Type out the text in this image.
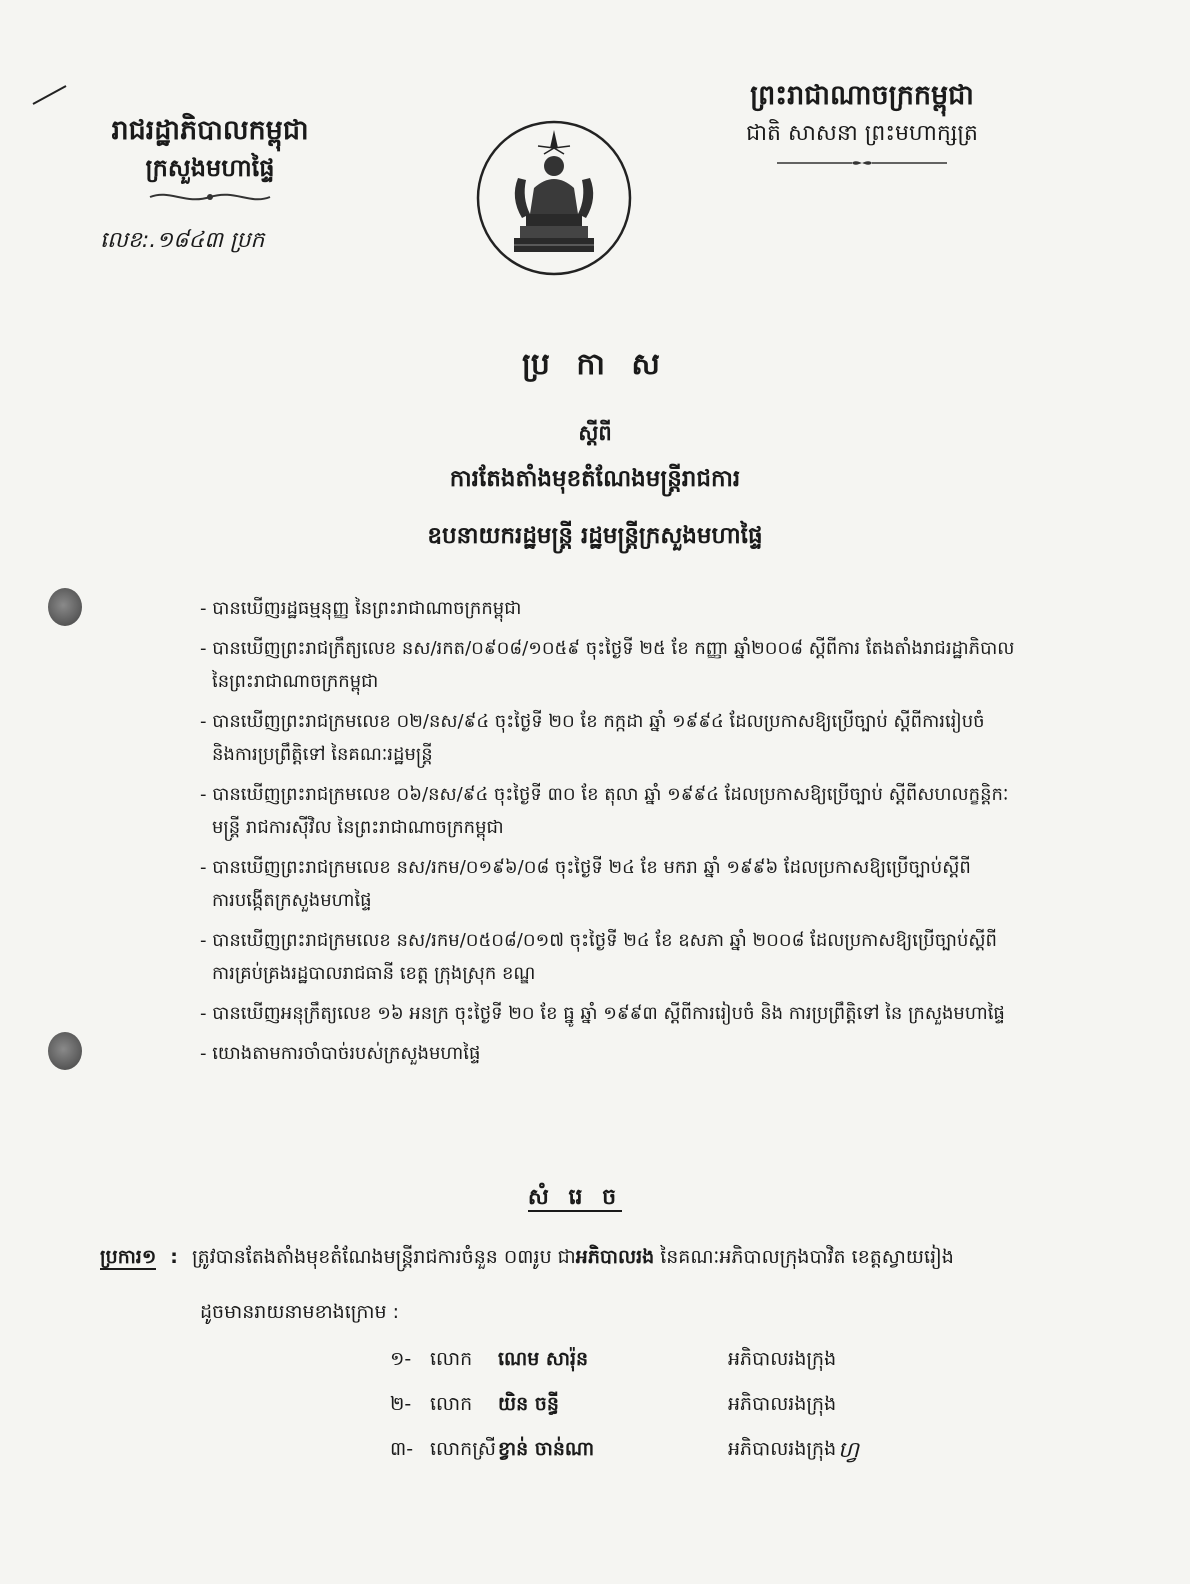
រាជរដ្ឋាភិបាលកម្ពុជា
ក្រសួងមហាផ្ទៃ
លេខ:.១៨៤៣ ប្រក
ព្រះរាជាណាចក្រកម្ពុជា
ជាតិ សាសនា ព្រះមហាក្សត្រ
ប្រ កា ស
ស្តីពី
ការតែងតាំងមុខតំណែងមន្ត្រីរាជការ
ឧបនាយករដ្ឋមន្ត្រី រដ្ឋមន្ត្រីក្រសួងមហាផ្ទៃ
- បានឃើញរដ្ឋធម្មនុញ្ញ នៃព្រះរាជាណាចក្រកម្ពុជា
- បានឃើញព្រះរាជក្រឹត្យលេខ នស/រកត/០៩០៨/១០៥៩ ចុះថ្ងៃទី ២៥ ខែ កញ្ញា ឆ្នាំ២០០៨ ស្តីពីការ តែងតាំងរាជរដ្ឋាភិបាល
នៃព្រះរាជាណាចក្រកម្ពុជា
- បានឃើញព្រះរាជក្រមលេខ ០២/នស/៩៤ ចុះថ្ងៃទី ២០ ខែ កក្កដា ឆ្នាំ ១៩៩៤ ដែលប្រកាសឱ្យប្រើច្បាប់ ស្តីពីការរៀបចំ
និងការប្រព្រឹត្តិទៅ នៃគណៈរដ្ឋមន្ត្រី
- បានឃើញព្រះរាជក្រមលេខ ០៦/នស/៩៤ ចុះថ្ងៃទី ៣០ ខែ តុលា ឆ្នាំ ១៩៩៤ ដែលប្រកាសឱ្យប្រើច្បាប់ ស្តីពីសហលក្ខន្តិកៈ
មន្ត្រី រាជការស៊ីវិល នៃព្រះរាជាណាចក្រកម្ពុជា
- បានឃើញព្រះរាជក្រមលេខ នស/រកម/០១៩៦/០៨ ចុះថ្ងៃទី ២៤ ខែ មករា ឆ្នាំ ១៩៩៦ ដែលប្រកាសឱ្យប្រើច្បាប់ស្តីពី
ការបង្កើតក្រសួងមហាផ្ទៃ
- បានឃើញព្រះរាជក្រមលេខ នស/រកម/០៥០៨/០១៧ ចុះថ្ងៃទី ២៤ ខែ ឧសភា ឆ្នាំ ២០០៨ ដែលប្រកាសឱ្យប្រើច្បាប់ស្តីពី
ការគ្រប់គ្រងរដ្ឋបាលរាជធានី ខេត្ត ក្រុងស្រុក ខណ្ឌ
- បានឃើញអនុក្រឹត្យលេខ ១៦ អនក្រ ចុះថ្ងៃទី ២០ ខែ ធ្នូ ឆ្នាំ ១៩៩៣ ស្តីពីការរៀបចំ និង ការប្រព្រឹត្តិទៅ នៃ ក្រសួងមហាផ្ទៃ
- យោងតាមការចាំបាច់របស់ក្រសួងមហាផ្ទៃ
សំ រេ ច
ប្រការ១ : ត្រូវបានតែងតាំងមុខតំណែងមន្ត្រីរាជការចំនួន ០៣រូប ជាអភិបាលរង នៃគណៈអភិបាលក្រុងបាវិត ខេត្តស្វាយរៀង
ដូចមានរាយនាមខាងក្រោម :
១- លោក ណេម សារ៉ុន	អភិបាលរងក្រុង
២- លោក យិន ចន្ធី	អភិបាលរងក្រុង
៣- លោកស្រី ខ្វាន់ ចាន់ណា	អភិបាលរងក្រុង ហ្វ
